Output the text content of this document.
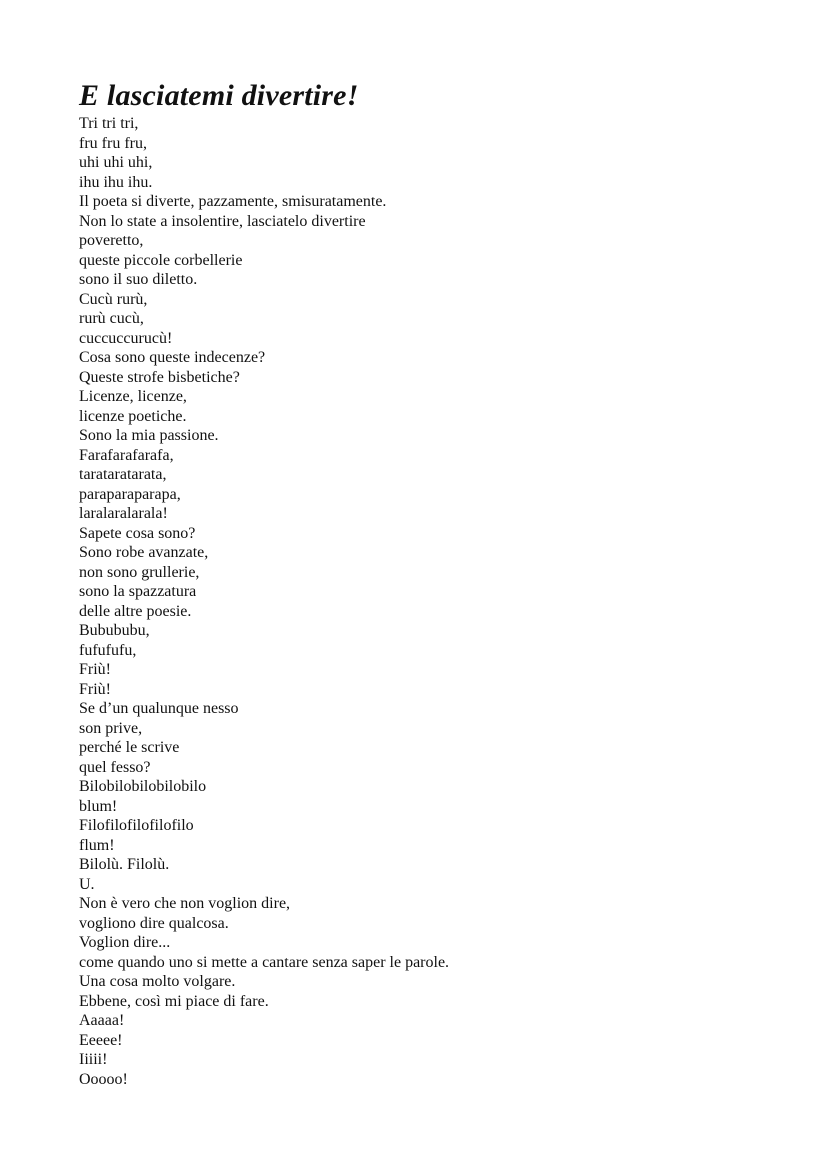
E lasciatemi divertire!
Tri tri tri,
fru fru fru,
uhi uhi uhi,
ihu ihu ihu.
Il poeta si diverte, pazzamente, smisuratamente.
Non lo state a insolentire, lasciatelo divertire
poveretto,
queste piccole corbellerie
sono il suo diletto.
Cucù rurù,
rurù cucù,
cuccuccurucù!
Cosa sono queste indecenze?
Queste strofe bisbetiche?
Licenze, licenze,
licenze poetiche.
Sono la mia passione.
Farafarafarafa,
tarataratarata,
paraparaparapa,
laralaralarala!
Sapete cosa sono?
Sono robe avanzate,
non sono grullerie,
sono la spazzatura
delle altre poesie.
Bubububu,
fufufufu,
Friù!
Friù!
Se d’un qualunque nesso
son prive,
perché le scrive
quel fesso?
Bilobilobilobilobilo
blum!
Filofilofilofilofilo
flum!
Bilolù. Filolù.
U.
Non è vero che non voglion dire,
vogliono dire qualcosa.
Voglion dire...
come quando uno si mette a cantare senza saper le parole.
Una cosa molto volgare.
Ebbene, così mi piace di fare.
Aaaaa!
Eeeee!
Iiiii!
Ooooo!
